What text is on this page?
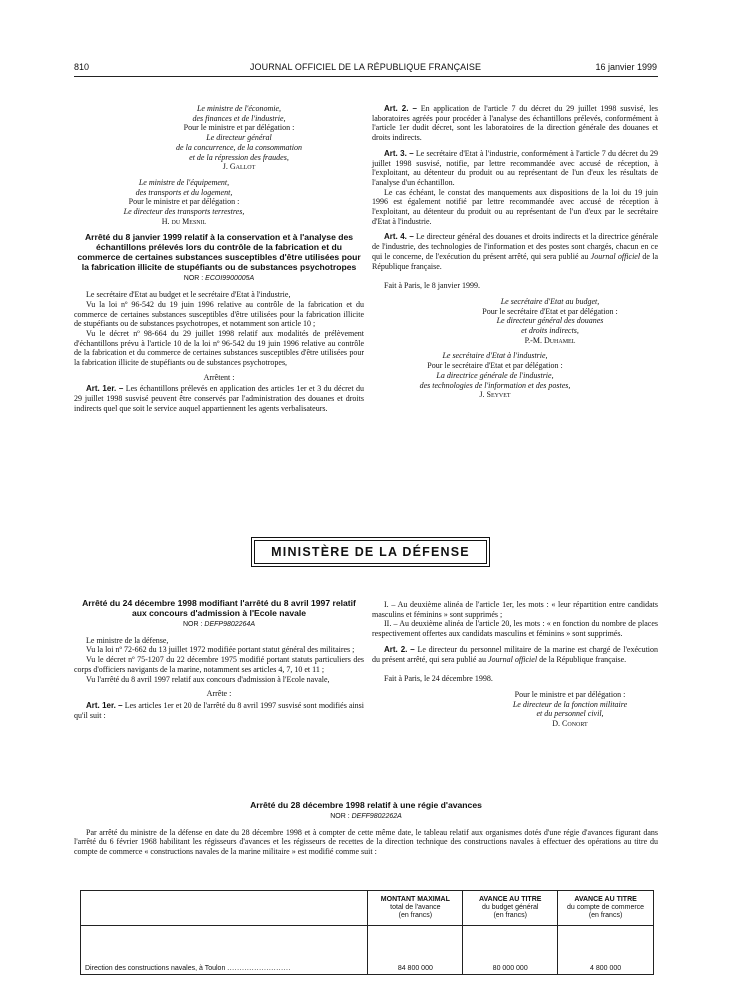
810	JOURNAL OFFICIEL DE LA RÉPUBLIQUE FRANÇAISE	16 janvier 1999

Le ministre de l'économie,

des finances et de l'industrie,

Pour le ministre et par délégation :

Le directeur général

de la concurrence, de la consommation

et de la répression des fraudes,

J. Gallot

Le ministre de l'équipement,

des transports et du logement,

Pour le ministre et par délégation :

Le directeur des transports terrestres,

H. du Mesnil

Arrêté du 8 janvier 1999 relatif à la conservation et à l'analyse des échantillons prélevés lors du contrôle de la fabrication et du commerce de certaines substances susceptibles d'être utilisées pour la fabrication illicite de stupéfiants ou de substances psychotropes

NOR : ECOI9900005A

Le secrétaire d'Etat au budget et le secrétaire d'Etat à l'industrie,

Vu la loi nº 96-542 du 19 juin 1996 relative au contrôle de la fabrication et du commerce de certaines substances susceptibles d'être utilisées pour la fabrication illicite de stupéfiants ou de substances psychotropes, et notamment son article 10 ;

Vu le décret nº 98-664 du 29 juillet 1998 relatif aux modalités de prélèvement d'échantillons prévu à l'article 10 de la loi nº 96-542 du 19 juin 1996 relative au contrôle de la fabrication et du commerce de certaines substances susceptibles d'être utilisées pour la fabrication illicite de stupéfiants ou de substances psychotropes,

Arrêtent :

Art. 1er. – Les échantillons prélevés en application des articles 1er et 3 du décret du 29 juillet 1998 susvisé peuvent être conservés par l'administration des douanes et droits indirects quel que soit le service auquel appartiennent les agents verbalisateurs.

Art. 2. – En application de l'article 7 du décret du 29 juillet 1998 susvisé, les laboratoires agréés pour procéder à l'analyse des échantillons prélevés, conformément à l'article 1er dudit décret, sont les laboratoires de la direction générale des douanes et droits indirects.

Art. 3. – Le secrétaire d'Etat à l'industrie, conformément à l'article 7 du décret du 29 juillet 1998 susvisé, notifie, par lettre recommandée avec accusé de réception, à l'exploitant, au détenteur du produit ou au représentant de l'un d'eux les résultats de l'analyse d'un échantillon.

Le cas échéant, le constat des manquements aux dispositions de la loi du 19 juin 1996 est également notifié par lettre recommandée avec accusé de réception à l'exploitant, au détenteur du produit ou au représentant de l'un d'eux par le secrétaire d'Etat à l'industrie.

Art. 4. – Le directeur général des douanes et droits indirects et la directrice générale de l'industrie, des technologies de l'information et des postes sont chargés, chacun en ce qui le concerne, de l'exécution du présent arrêté, qui sera publié au Journal officiel de la République française.

Fait à Paris, le 8 janvier 1999.

Le secrétaire d'Etat au budget,

Pour le secrétaire d'Etat et par délégation :

Le directeur général des douanes

et droits indirects,

P.-M. Duhamel

Le secrétaire d'Etat à l'industrie,

Pour le secrétaire d'Etat et par délégation :

La directrice générale de l'industrie,

des technologies de l'information et des postes,

J. Seyvet

MINISTÈRE DE LA DÉFENSE

Arrêté du 24 décembre 1998 modifiant l'arrêté du 8 avril 1997 relatif aux concours d'admission à l'Ecole navale

NOR : DEFP9802264A

Le ministre de la défense,

Vu la loi nº 72-662 du 13 juillet 1972 modifiée portant statut général des militaires ;

Vu le décret nº 75-1207 du 22 décembre 1975 modifié portant statuts particuliers des corps d'officiers navigants de la marine, notamment ses articles 4, 7, 10 et 11 ;

Vu l'arrêté du 8 avril 1997 relatif aux concours d'admission à l'Ecole navale,

Arrête :

Art. 1er. – Les articles 1er et 20 de l'arrêté du 8 avril 1997 susvisé sont modifiés ainsi qu'il suit :

I. – Au deuxième alinéa de l'article 1er, les mots : « leur répartition entre candidats masculins et féminins » sont supprimés ;

II. – Au deuxième alinéa de l'article 20, les mots : « en fonction du nombre de places respectivement offertes aux candidats masculins et féminins » sont supprimés.

Art. 2. – Le directeur du personnel militaire de la marine est chargé de l'exécution du présent arrêté, qui sera publié au Journal officiel de la République française.

Fait à Paris, le 24 décembre 1998.

Pour le ministre et par délégation :

Le directeur de la fonction militaire

et du personnel civil,

D. Conort

Arrêté du 28 décembre 1998 relatif à une régie d'avances

NOR : DEFF9802262A

Par arrêté du ministre de la défense en date du 28 décembre 1998 et à compter de cette même date, le tableau relatif aux organismes dotés d'une régie d'avances figurant dans l'arrêté du 6 février 1968 habilitant les régisseurs d'avances et les régisseurs de recettes de la direction technique des constructions navales à effectuer des opérations au titre du compte de commerce « constructions navales de la marine militaire » est modifié comme suit :

	MONTANT MAXIMAL
total de l'avance
(en francs)	AVANCE AU TITRE
du budget général
(en francs)	AVANCE AU TITRE
du compte de commerce
(en francs)

Direction des constructions navales, à Toulon ..........................	84 800 000	80 000 000	4 800 000
